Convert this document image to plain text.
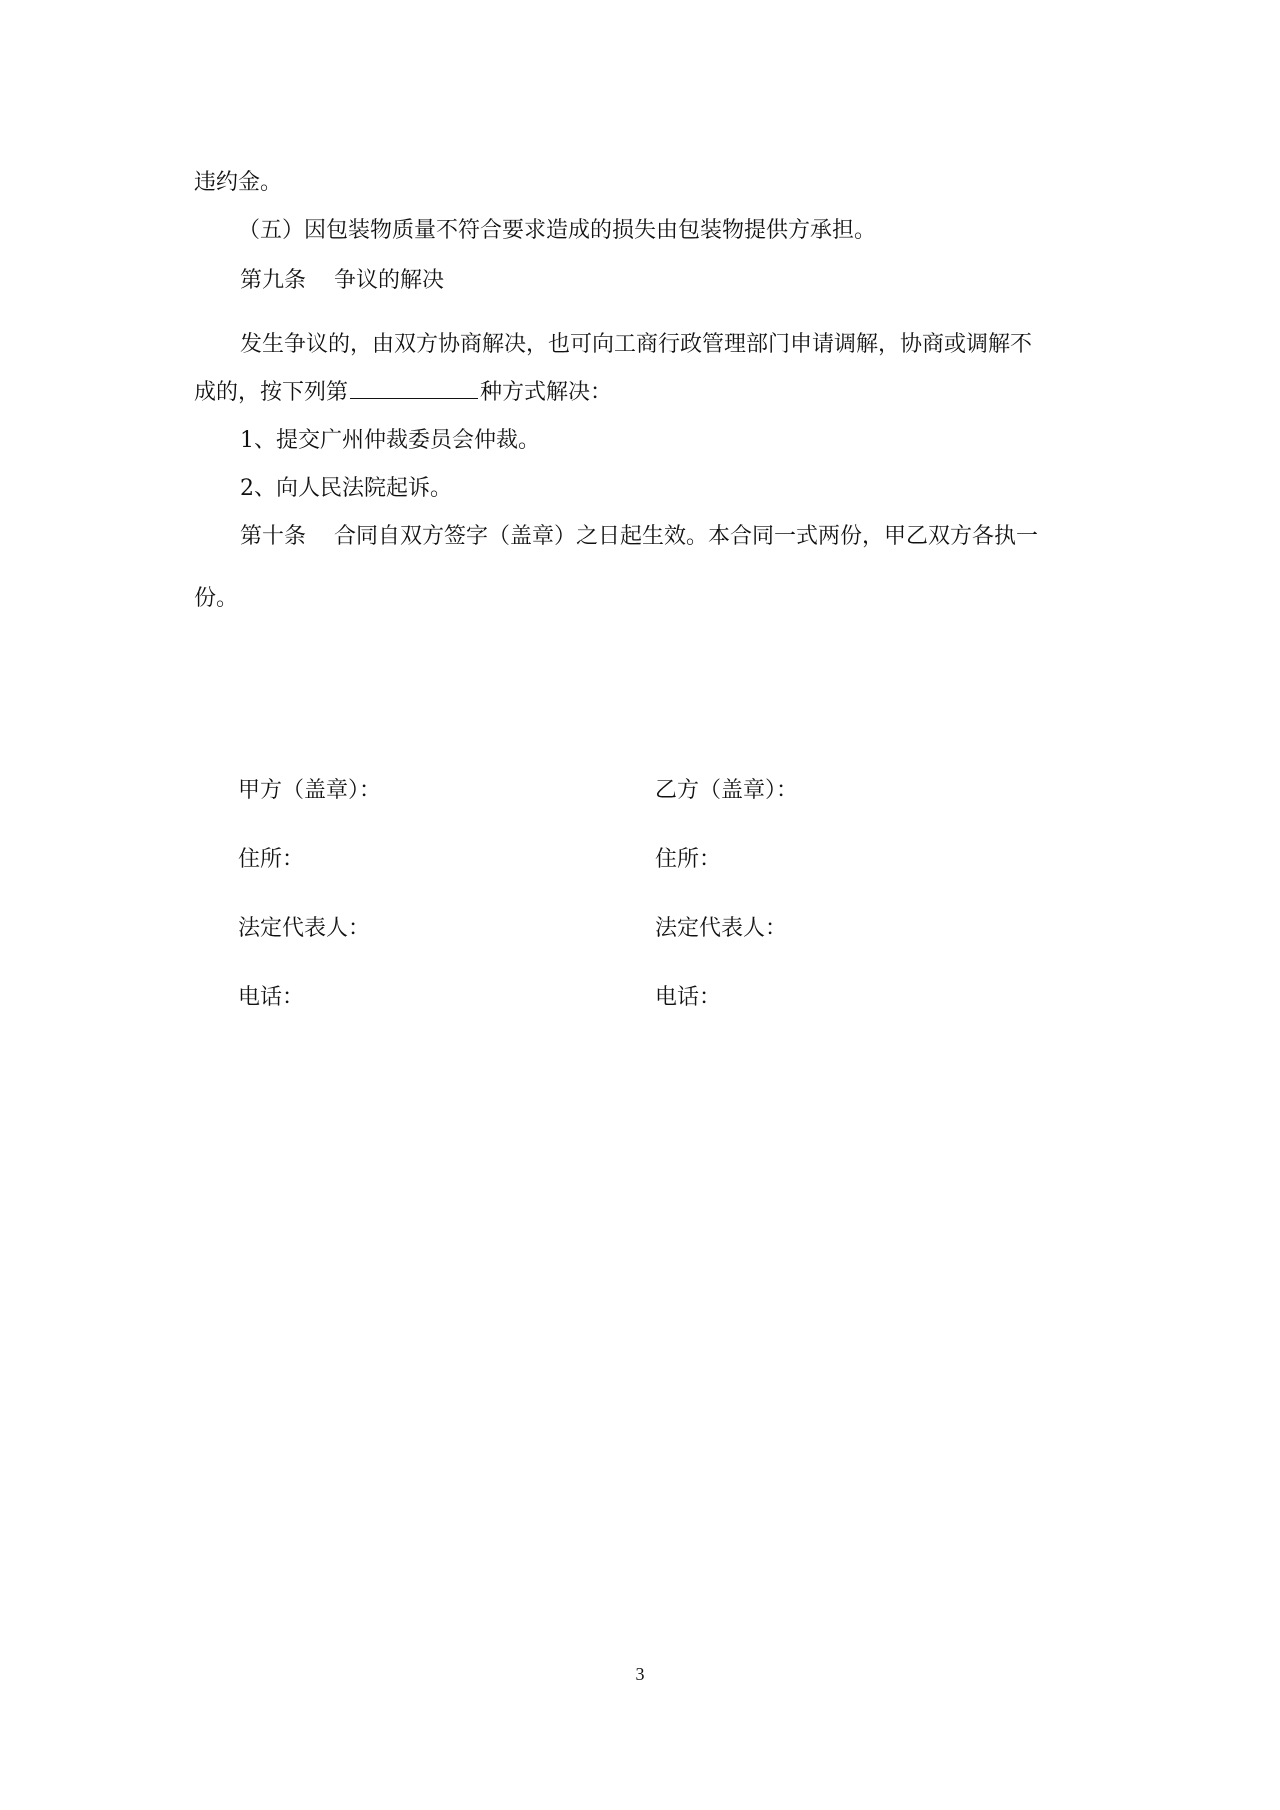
违约金。
（五）因包装物质量不符合要求造成的损失由包装物提供方承担。
第九条 争议的解决
发生争议的，由双方协商解决，也可向工商行政管理部门申请调解，协商或调解不
成的，按下列第	种方式解决：
1、提交广州仲裁委员会仲裁。
2、向人民法院起诉。
第十条 合同自双方签字（盖章）之日起生效。本合同一式两份，甲乙双方各执一
份。
甲方（盖章）：	乙方（盖章）：
住所：	住所：
法定代表人：	法定代表人：
电话：	电话：
3
